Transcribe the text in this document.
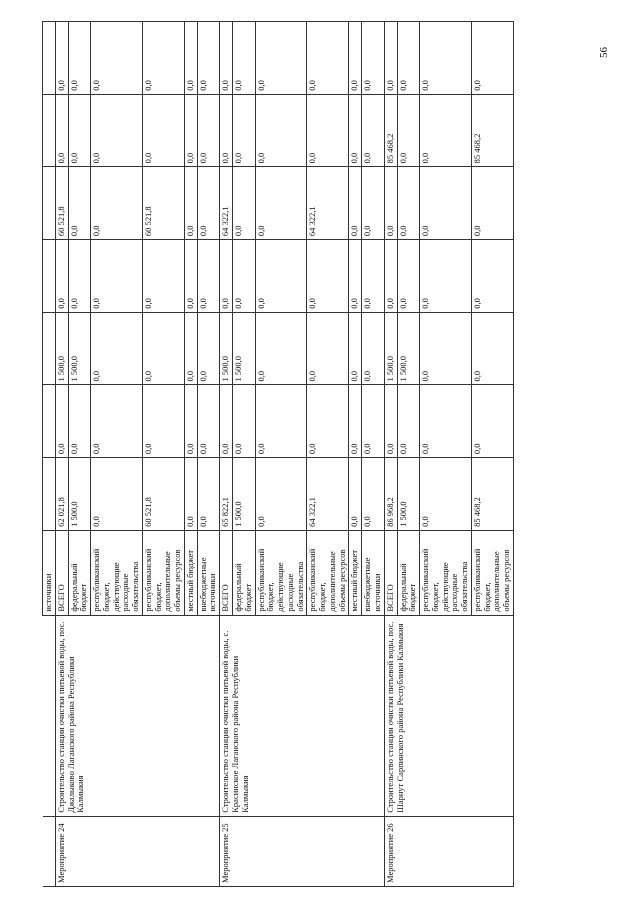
		источники							
Мероприятие 24	Строительство станции очистки питьевой воды, пос. Джалыково Лаганского района Республики Калмыкия	ВСЕГО	62 021,8	0,0	1 500,0	0,0	60 521,8	0,0	0,0
		федеральный бюджет	1 500,0	0,0	1 500,0	0,0	0,0	0,0	0,0
		республиканский бюджет, действующие расходные обязательства	0,0	0,0	0,0	0,0	0,0	0,0	0,0
		республиканский бюджет, дополнительные объемы ресурсов	60 521,8	0,0	0,0	0,0	60 521,8	0,0	0,0
		местный бюджет	0,0	0,0	0,0	0,0	0,0	0,0	0,0
		внебюджетные источники	0,0	0,0	0,0	0,0	0,0	0,0	0,0
Мероприятие 25	Строительство станции очистки питьевой воды, с. Красинское Лаганского района Республики Калмыкия	ВСЕГО	65 822,1	0,0	1 500,0	0,0	64 322,1	0,0	0,0
		федеральный бюджет	1 500,0	0,0	1 500,0	0,0	0,0	0,0	0,0
		республиканский бюджет, действующие расходные обязательства	0,0	0,0	0,0	0,0	0,0	0,0	0,0
		республиканский бюджет, дополнительные объемы ресурсов	64 322,1	0,0	0,0	0,0	64 322,1	0,0	0,0
		местный бюджет	0,0	0,0	0,0	0,0	0,0	0,0	0,0
		внебюджетные источники	0,0	0,0	0,0	0,0	0,0	0,0	0,0
Мероприятие 26	Строительство станции очистки питьевой воды, пос. Шарнут Сарпинского района Республики Калмыкия	ВСЕГО	86 968,2	0,0	1 500,0	0,0	0,0	85 468,2	0,0
		федеральный бюджет	1 500,0	0,0	1 500,0	0,0	0,0	0,0	0,0
		республиканский бюджет, действующие расходные обязательства	0,0	0,0	0,0	0,0	0,0	0,0	0,0
		республиканский бюджет, дополнительные объемы ресурсов	85 468,2	0,0	0,0	0,0	0,0	85 468,2	0,0
56
